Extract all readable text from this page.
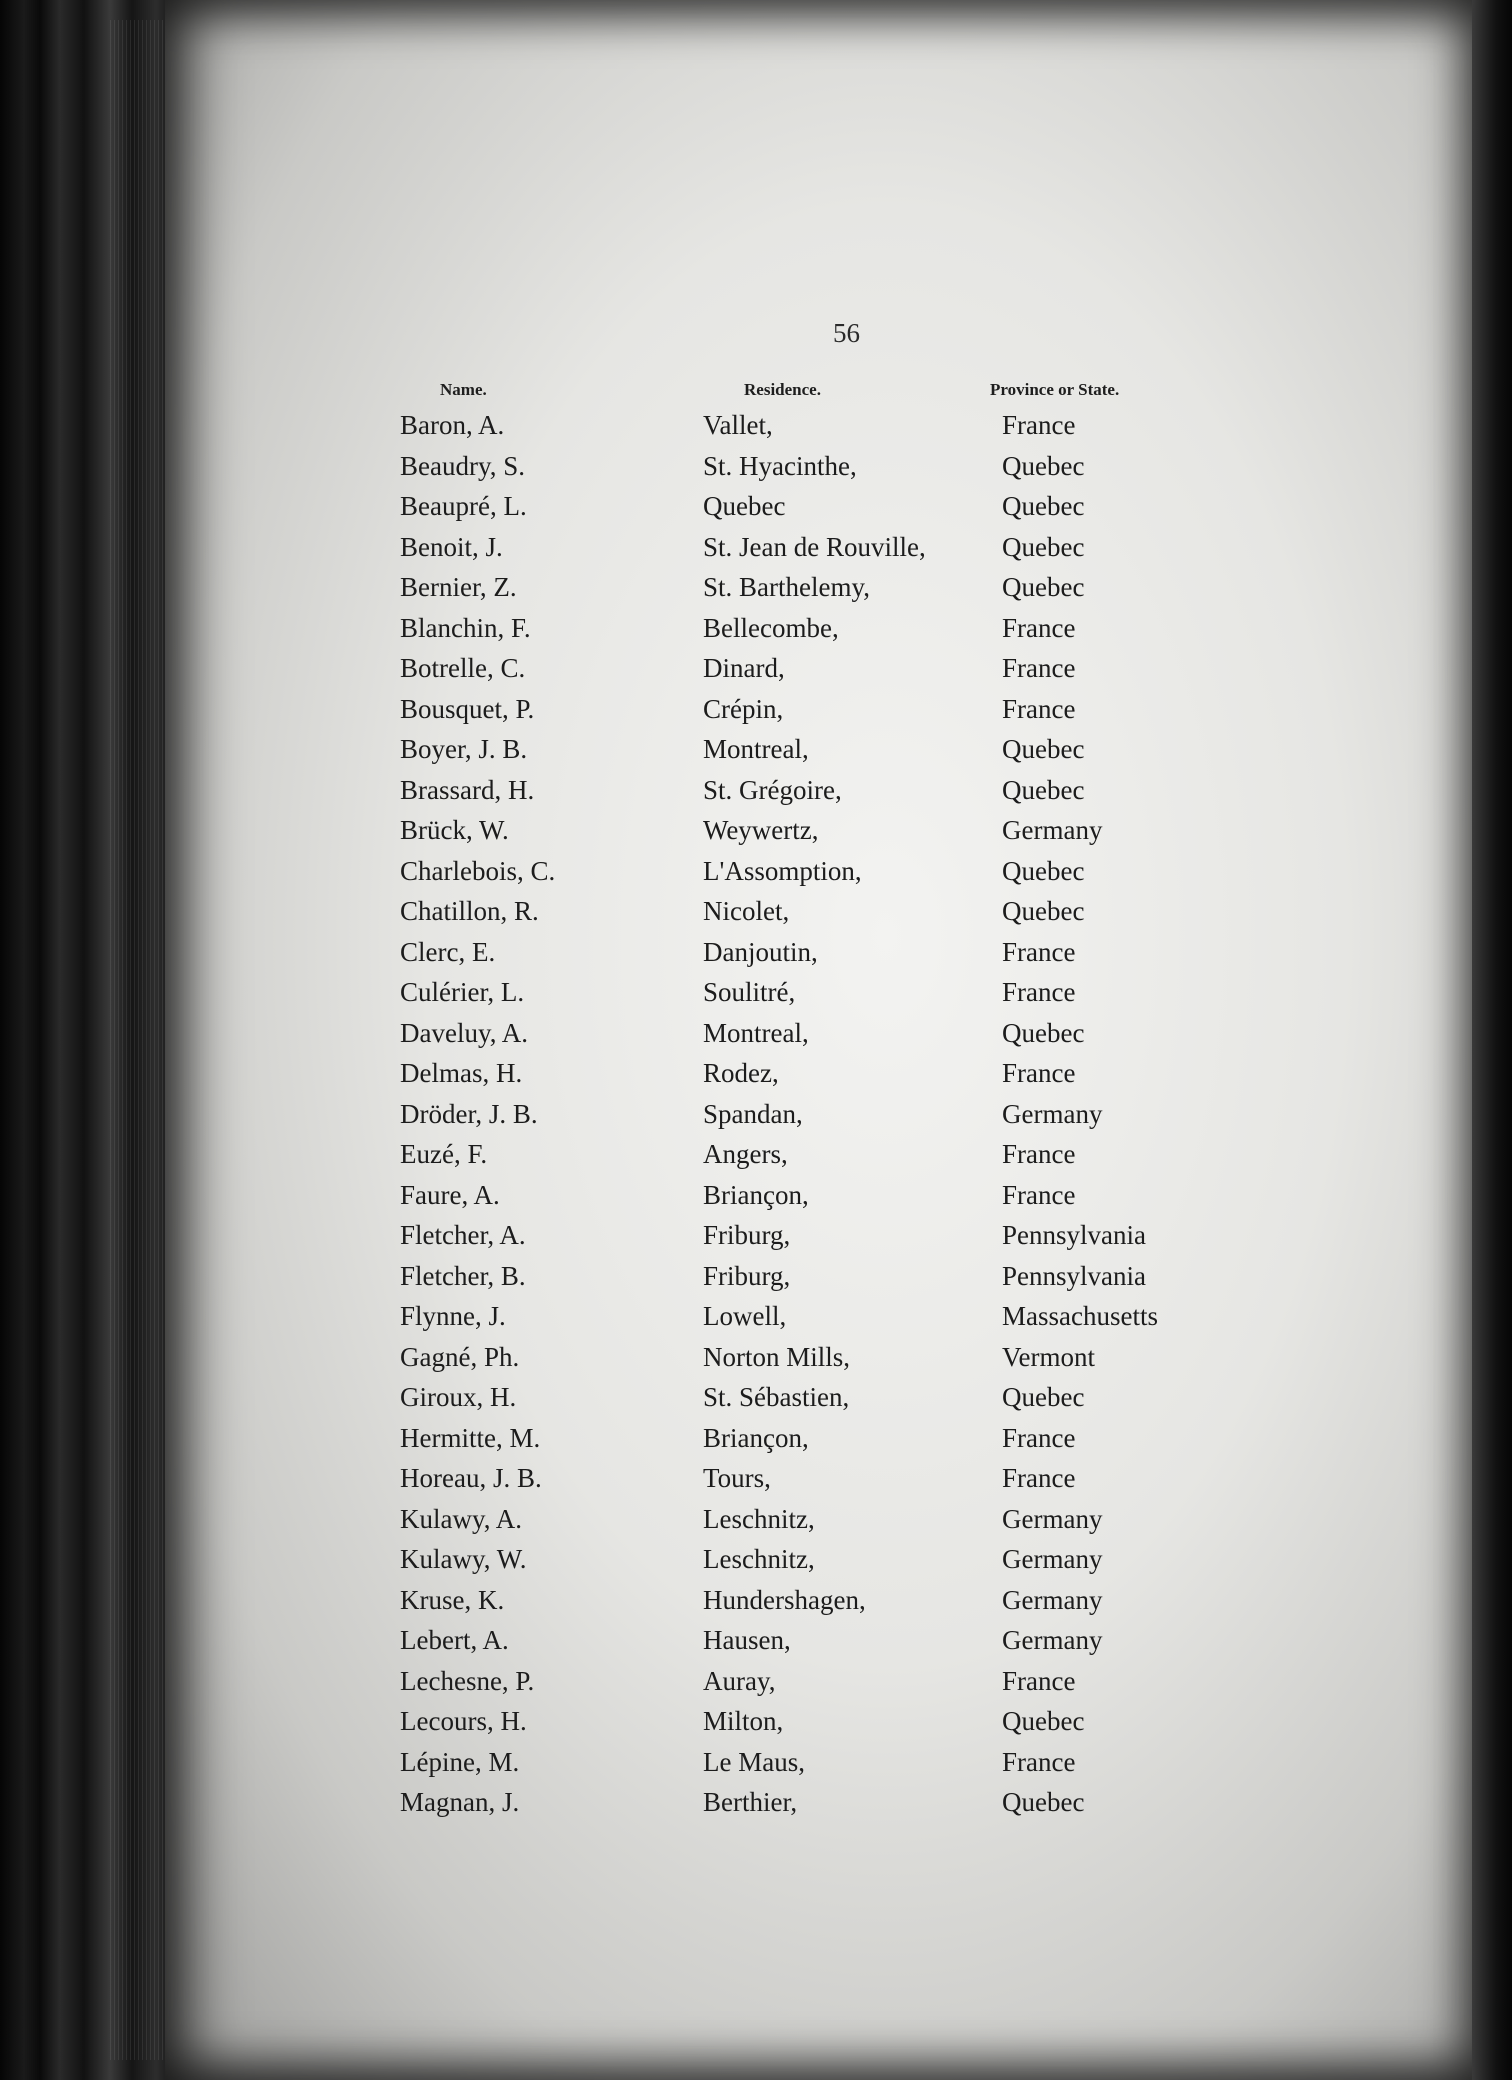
56
Name.	Residence.	Province or State.
Baron, A.	Vallet,	France
Beaudry, S.	St. Hyacinthe,	Quebec
Beaupré, L.	Quebec	Quebec
Benoit, J.	St. Jean de Rouville,	Quebec
Bernier, Z.	St. Barthelemy,	Quebec
Blanchin, F.	Bellecombe,	France
Botrelle, C.	Dinard,	France
Bousquet, P.	Crépin,	France
Boyer, J. B.	Montreal,	Quebec
Brassard, H.	St. Grégoire,	Quebec
Brück, W.	Weywertz,	Germany
Charlebois, C.	L'Assomption,	Quebec
Chatillon, R.	Nicolet,	Quebec
Clerc, E.	Danjoutin,	France
Culérier, L.	Soulitré,	France
Daveluy, A.	Montreal,	Quebec
Delmas, H.	Rodez,	France
Dröder, J. B.	Spandan,	Germany
Euzé, F.	Angers,	France
Faure, A.	Briançon,	France
Fletcher, A.	Friburg,	Pennsylvania
Fletcher, B.	Friburg,	Pennsylvania
Flynne, J.	Lowell,	Massachusetts
Gagné, Ph.	Norton Mills,	Vermont
Giroux, H.	St. Sébastien,	Quebec
Hermitte, M.	Briançon,	France
Horeau, J. B.	Tours,	France
Kulawy, A.	Leschnitz,	Germany
Kulawy, W.	Leschnitz,	Germany
Kruse, K.	Hundershagen,	Germany
Lebert, A.	Hausen,	Germany
Lechesne, P.	Auray,	France
Lecours, H.	Milton,	Quebec
Lépine, M.	Le Maus,	France
Magnan, J.	Berthier,	Quebec
